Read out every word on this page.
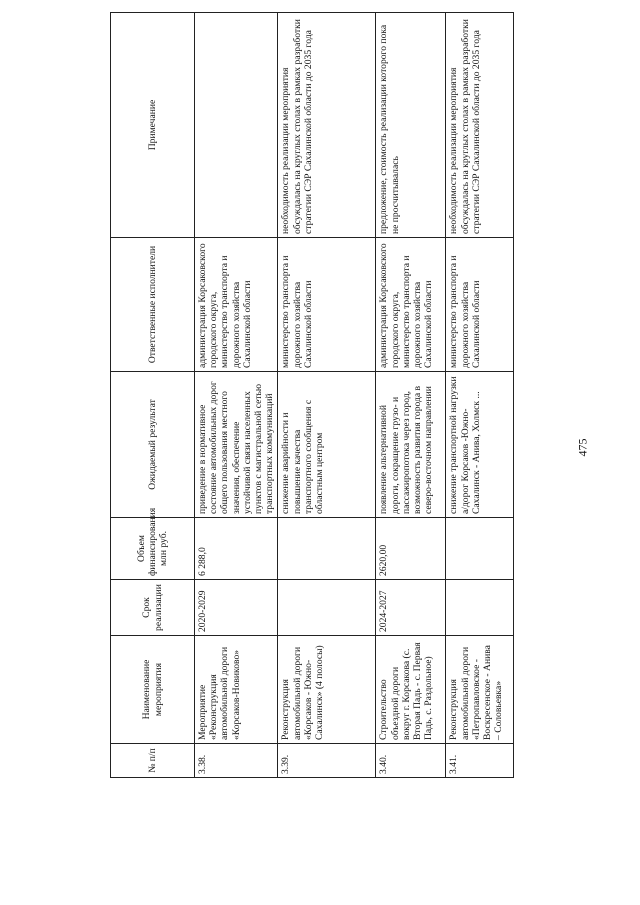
№ п/п	Наименование мероприятия	Срок реализации	Объем финансирования млн руб.	Ожидаемый результат	Ответственные исполнители	Примечание
3.38.	Мероприятие «Реконструкция автомобильной дороги «Корсаков-Новиково»	2020-2029	6 288,0	приведение в нормативное состояние автомобильных дорог общего пользования местного значения, обеспечение устойчивой связи населенных пунктов с магистральной сетью транспортных коммуникаций	администрация Корсаковского городского округа, министерство транспорта и дорожного хозяйства Сахалинской области	
3.39.	Реконструкция автомобильной дороги «Корсаков - Южно-Сахалинск» (4 полосы)			снижение аварийности и повышение качества транспортного сообщения с областным центром	министерство транспорта и дорожного хозяйства Сахалинской области	необходимость реализации мероприятия обсуждалась на круглых столах в рамках разработки стратегии СЭР Сахалинской области до 2035 года
3.40.	Строительство объездной дороги вокруг г. Корсакова (с. Вторая Падь - с. Первая Падь, с. Раздольное)	2024-2027	2620,00	появление альтернативной дороги, сокращение грузо- и пассажиропотока через город, возможность развития города в северо-восточном направлении	администрация Корсаковского городского округа, министерство транспорта и дорожного хозяйства Сахалинской области	предложение, стоимость реализации которого пока не просчитывалась
3.41.	Реконструкция автомобильной дороги «Петропавловское - Воскресенское - Анива – Соловьевка»			снижение транспортной нагрузки а/дорог Корсаков -Южно-Сахалинск - Анива, Холмск ...	министерство транспорта и дорожного хозяйства Сахалинской области	необходимость реализации мероприятия обсуждалась на круглых столах в рамках разработки стратегии СЭР Сахалинской области до 2035 года
475
